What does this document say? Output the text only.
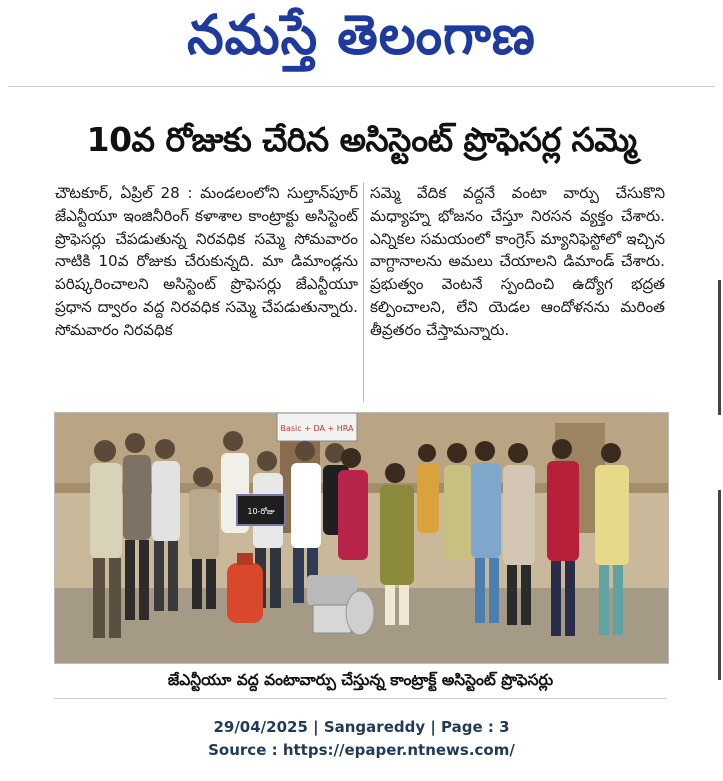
నమస్తే తెలంగాణ
10వ రోజుకు చేరిన అసిస్టెంట్ ప్రొఫెసర్ల సమ్మె
చౌటకూర్, ఏప్రిల్ 28 : మండలంలోని సుల్తాన్‌పూర్ జేఎన్టీయూ ఇంజినీరింగ్ కళాశాల కాంట్రాక్టు అసిస్టెంట్ ప్రొఫెసర్లు చేపడుతున్న నిరవధిక సమ్మె సోమవారం నాటికి 10వ రోజుకు చేరుకున్నది. మా డిమాండ్లను పరిష్కరించాలని అసిస్టెంట్ ప్రొఫెసర్లు జేఎన్టీయూ ప్రధాన ద్వారం వద్ద నిరవధిక సమ్మె చేపడుతున్నారు. సోమవారం నిరవధిక
సమ్మె వేదిక వద్దనే వంటా వార్పు చేసుకొని మధ్యాహ్న భోజనం చేస్తూ నిరసన వ్యక్తం చేశారు. ఎన్నికల సమయంలో కాంగ్రెస్ మ్యానిఫెస్టోలో ఇచ్చిన వాగ్దానాలను అమలు చేయాలని డిమాండ్ చేశారు. ప్రభుత్వం వెంటనే స్పందించి ఉద్యోగ భద్రత కల్పించాలని, లేని యెడల ఆందోళనను మరింత తీవ్రతరం చేస్తామన్నారు.
Basic + DA + HRA
10-రోజు
జేఎన్టీయూ వద్ద వంటావార్పు చేస్తున్న కాంట్రాక్ట్ అసిస్టెంట్ ప్రొఫెసర్లు
29/04/2025 | Sangareddy | Page : 3
Source : https://epaper.ntnews.com/
